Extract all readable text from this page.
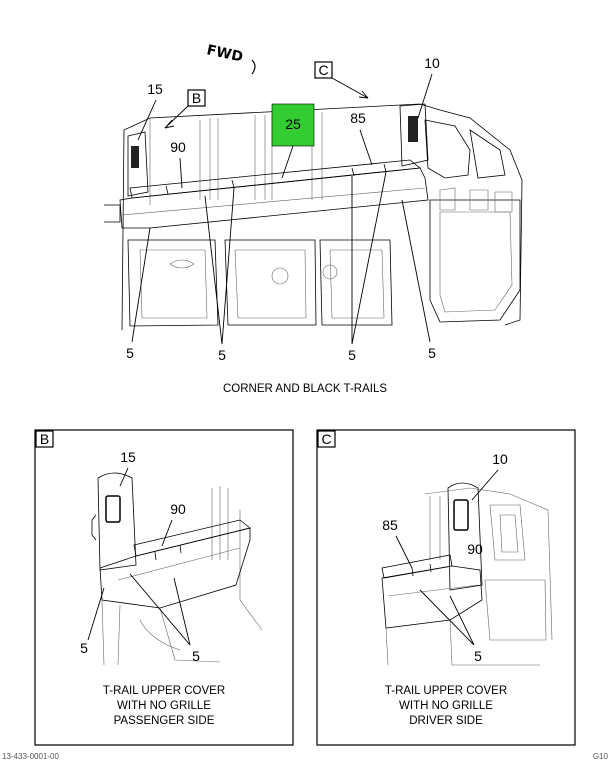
FWD
25
15
B
90
C
85
10
5	5	5	5
CORNER AND BLACK T-RAILS
B
15
90
5	5
T-RAIL UPPER COVER
WITH NO GRILLE
PASSENGER SIDE
C
10
85
90
5
T-RAIL UPPER COVER
WITH NO GRILLE
DRIVER SIDE
13-433-0001-00	G10
